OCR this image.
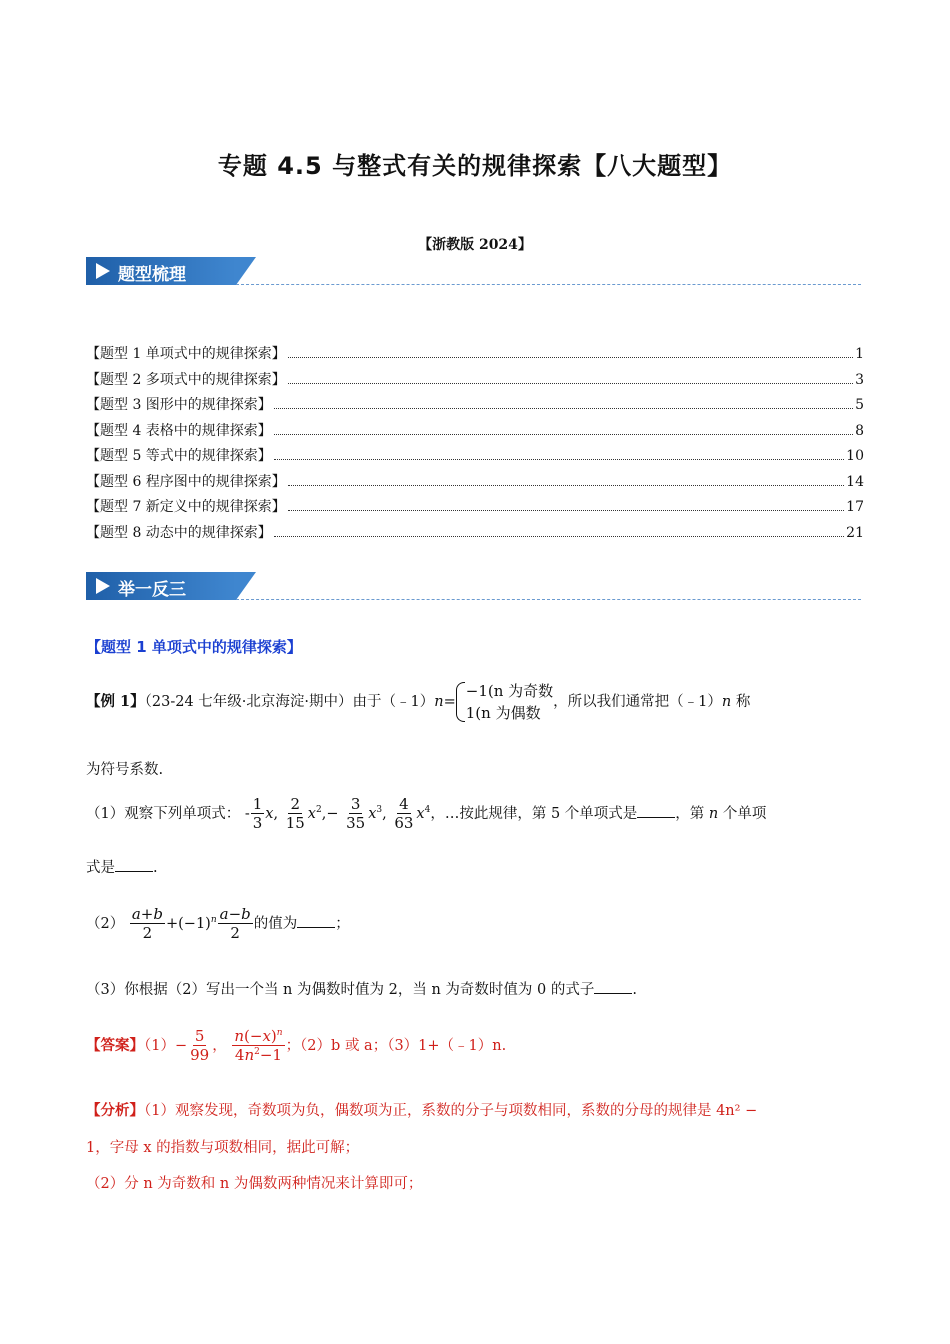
专题 4.5 与整式有关的规律探索【八大题型】
【浙教版 2024】
题型梳理
【题型 1 单项式中的规律探索】	1
【题型 2 多项式中的规律探索】	3
【题型 3 图形中的规律探索】	5
【题型 4 表格中的规律探索】	8
【题型 5 等式中的规律探索】	10
【题型 6 程序图中的规律探索】	14
【题型 7 新定义中的规律探索】	17
【题型 8 动态中的规律探索】	21
举一反三
【题型 1 单项式中的规律探索】
【例 1】（23-24 七年级·北京海淀·期中）由于（﹣1）n=
−1(n 为奇数
1(n 为偶数
，所以我们通常把（﹣1）n 称
为符号系数.
（1）观察下列单项式： - $\frac{1}{3} x$, $\frac{2}{15} x^2,- \frac{3}{35} x^3$, $\frac{4}{63} x^4$，…按此规律，第 5 个单项式是	，第 n 个单项
式是	.
$(2) \frac{a+b}{2} +(-1)^n \frac{a-b}{2}$ 的值为	；
（3）你根据（2）写出一个当 n 为偶数时值为 2，当 n 为奇数时值为 0 的式子	.
【答案】$(1)- \frac{5}{99}$ ， $\frac{n(-x)^n}{4n^2-1}$ ；（2）b 或 a；（3）1+（﹣1）n.
【分析】（1）观察发现，奇数项为负，偶数项为正，系数的分子与项数相同，系数的分母的规律是 4n² −
1，字母 x 的指数与项数相同，据此可解；
（2）分 n 为奇数和 n 为偶数两种情况来计算即可；
